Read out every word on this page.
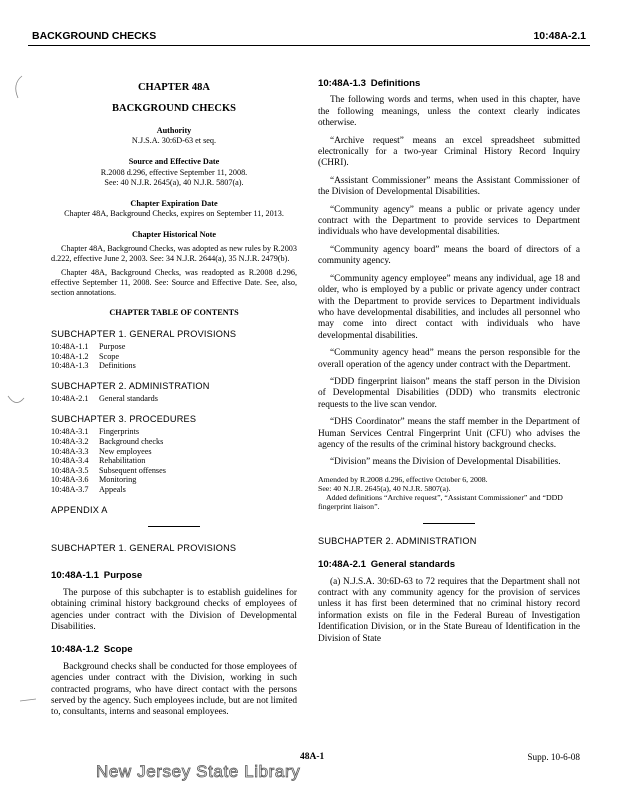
BACKGROUND CHECKS	10:48A-2.1
CHAPTER 48A
BACKGROUND CHECKS
Authority
N.J.S.A. 30:6D-63 et seq.
Source and Effective Date
R.2008 d.296, effective September 11, 2008.
See: 40 N.J.R. 2645(a), 40 N.J.R. 5807(a).
Chapter Expiration Date
Chapter 48A, Background Checks, expires on September 11, 2013.
Chapter Historical Note

Chapter 48A, Background Checks, was adopted as new rules by R.2003 d.222, effective June 2, 2003. See: 34 N.J.R. 2644(a), 35 N.J.R. 2479(b).

Chapter 48A, Background Checks, was readopted as R.2008 d.296, effective September 11, 2008. See: Source and Effective Date. See, also, section annotations.

CHAPTER TABLE OF CONTENTS
SUBCHAPTER 1. GENERAL PROVISIONS
10:48A-1.1	Purpose
10:48A-1.2	Scope
10:48A-1.3	Definitions
SUBCHAPTER 2. ADMINISTRATION
10:48A-2.1	General standards
SUBCHAPTER 3. PROCEDURES
10:48A-3.1	Fingerprints
10:48A-3.2	Background checks
10:48A-3.3	New employees
10:48A-3.4	Rehabilitation
10:48A-3.5	Subsequent offenses
10:48A-3.6	Monitoring
10:48A-3.7	Appeals
APPENDIX A
SUBCHAPTER 1. GENERAL PROVISIONS
10:48A-1.1 Purpose

The purpose of this subchapter is to establish guidelines for obtaining criminal history background checks of employees of agencies under contract with the Division of Developmental Disabilities.

10:48A-1.2 Scope

Background checks shall be conducted for those employees of agencies under contract with the Division, working in such contracted programs, who have direct contact with the persons served by the agency. Such employees include, but are not limited to, consultants, interns and seasonal employees.

10:48A-1.3 Definitions

The following words and terms, when used in this chapter, have the following meanings, unless the context clearly indicates otherwise.

“Archive request” means an excel spreadsheet submitted electronically for a two-year Criminal History Record Inquiry (CHRI).

“Assistant Commissioner” means the Assistant Commissioner of the Division of Developmental Disabilities.

“Community agency” means a public or private agency under contract with the Department to provide services to Department individuals who have developmental disabilities.

“Community agency board” means the board of directors of a community agency.

“Community agency employee” means any individual, age 18 and older, who is employed by a public or private agency under contract with the Department to provide services to Department individuals who have developmental disabilities, and includes all personnel who may come into direct contact with individuals who have developmental disabilities.

“Community agency head” means the person responsible for the overall operation of the agency under contract with the Department.

“DDD fingerprint liaison” means the staff person in the Division of Developmental Disabilities (DDD) who transmits electronic requests to the live scan vendor.

“DHS Coordinator” means the staff member in the Department of Human Services Central Fingerprint Unit (CFU) who advises the agency of the results of the criminal history background checks.

“Division” means the Division of Developmental Disabilities.

Amended by R.2008 d.296, effective October 6, 2008.
See: 40 N.J.R. 2645(a), 40 N.J.R. 5807(a).
Added definitions “Archive request”, “Assistant Commissioner” and “DDD fingerprint liaison”.
SUBCHAPTER 2. ADMINISTRATION
10:48A-2.1 General standards

(a) N.J.S.A. 30:6D-63 to 72 requires that the Department shall not contract with any community agency for the provision of services unless it has first been determined that no criminal history record information exists on file in the Federal Bureau of Investigation Identification Division, or in the State Bureau of Identification in the Division of State

48A-1	Supp. 10-6-08
New Jersey State Library
